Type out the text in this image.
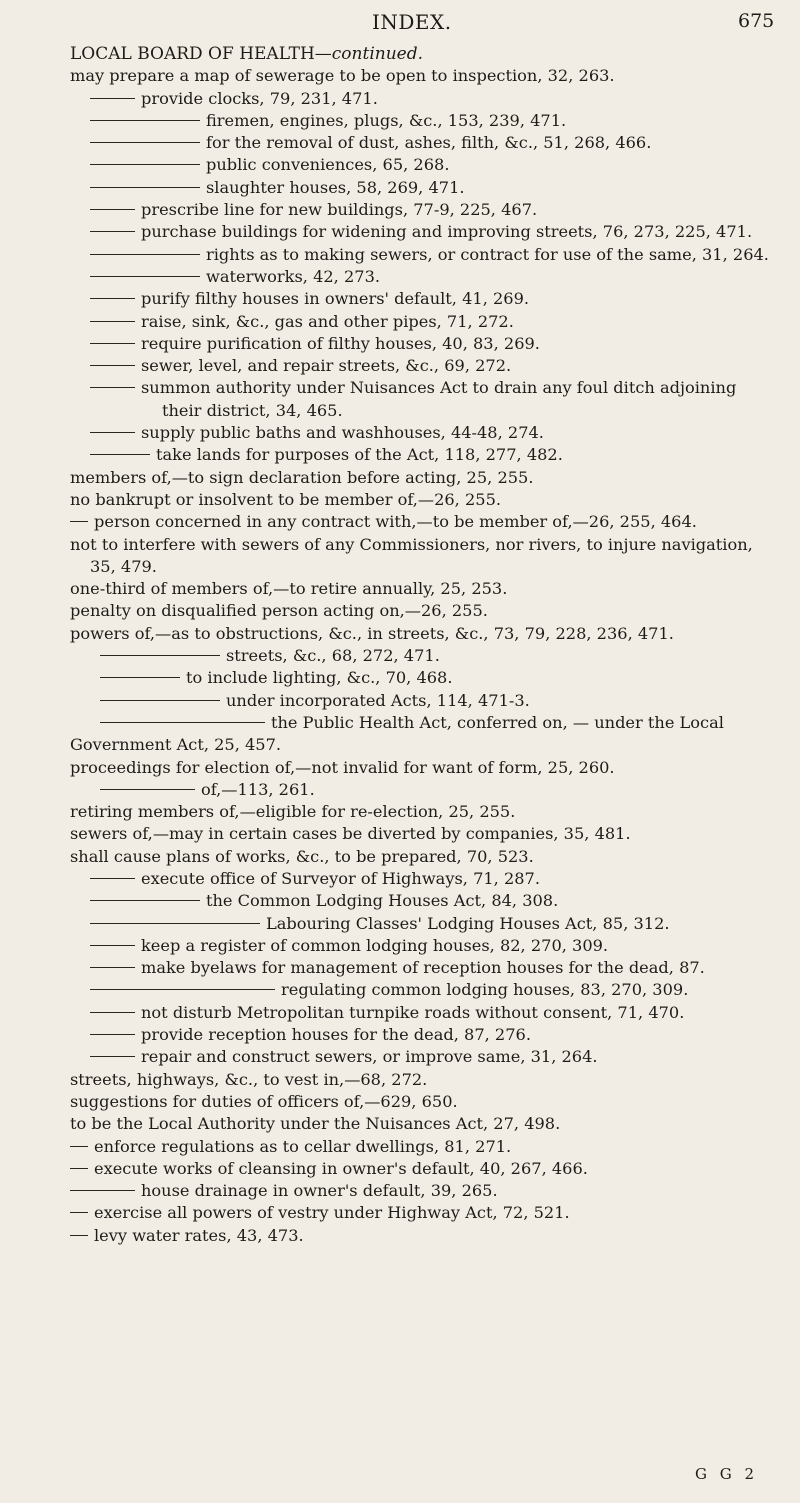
INDEX.	675
LOCAL BOARD OF HEALTH— continued.
may prepare a map of sewerage to be open to inspection, 32, 263.
provide clocks, 79, 231, 471.
firemen, engines, plugs, &c., 153, 239, 471.
for the removal of dust, ashes, filth, &c., 51, 268, 466.
public conveniences, 65, 268.
slaughter houses, 58, 269, 471.
prescribe line for new buildings, 77-9, 225, 467.
purchase buildings for widening and improving streets, 76, 273, 225, 471.
rights as to making sewers, or contract for use of the same, 31, 264.
waterworks, 42, 273.
purify filthy houses in owners' default, 41, 269.
raise, sink, &c., gas and other pipes, 71, 272.
require purification of filthy houses, 40, 83, 269.
sewer, level, and repair streets, &c., 69, 272.
summon authority under Nuisances Act to drain any foul ditch adjoining their district, 34, 465.
supply public baths and washhouses, 44-48, 274.
take lands for purposes of the Act, 118, 277, 482.
members of,—to sign declaration before acting, 25, 255.
no bankrupt or insolvent to be member of,—26, 255.
person concerned in any contract with,—to be member of,—26, 255, 464.
not to interfere with sewers of any Commissioners, nor rivers, to injure navigation, 35, 479.
one-third of members of,—to retire annually, 25, 253.
penalty on disqualified person acting on,—26, 255.
powers of,—as to obstructions, &c., in streets, &c., 73, 79, 228, 236, 471.
streets, &c., 68, 272, 471.
to include lighting, &c., 70, 468.
under incorporated Acts, 114, 471-3.
the Public Health Act, conferred on, — under the Local Government Act, 25, 457.
proceedings for election of,—not invalid for want of form, 25, 260.
of,—113, 261.
retiring members of,—eligible for re-election, 25, 255.
sewers of,—may in certain cases be diverted by companies, 35, 481.
shall cause plans of works, &c., to be prepared, 70, 523.
execute office of Surveyor of Highways, 71, 287.
the Common Lodging Houses Act, 84, 308.
Labouring Classes' Lodging Houses Act, 85, 312.
keep a register of common lodging houses, 82, 270, 309.
make byelaws for management of reception houses for the dead, 87.
regulating common lodging houses, 83, 270, 309.
not disturb Metropolitan turnpike roads without consent, 71, 470.
provide reception houses for the dead, 87, 276.
repair and construct sewers, or improve same, 31, 264.
streets, highways, &c., to vest in,—68, 272.
suggestions for duties of officers of,—629, 650.
to be the Local Authority under the Nuisances Act, 27, 498.
enforce regulations as to cellar dwellings, 81, 271.
execute works of cleansing in owner's default, 40, 267, 466.
house drainage in owner's default, 39, 265.
exercise all powers of vestry under Highway Act, 72, 521.
levy water rates, 43, 473.
G G 2
